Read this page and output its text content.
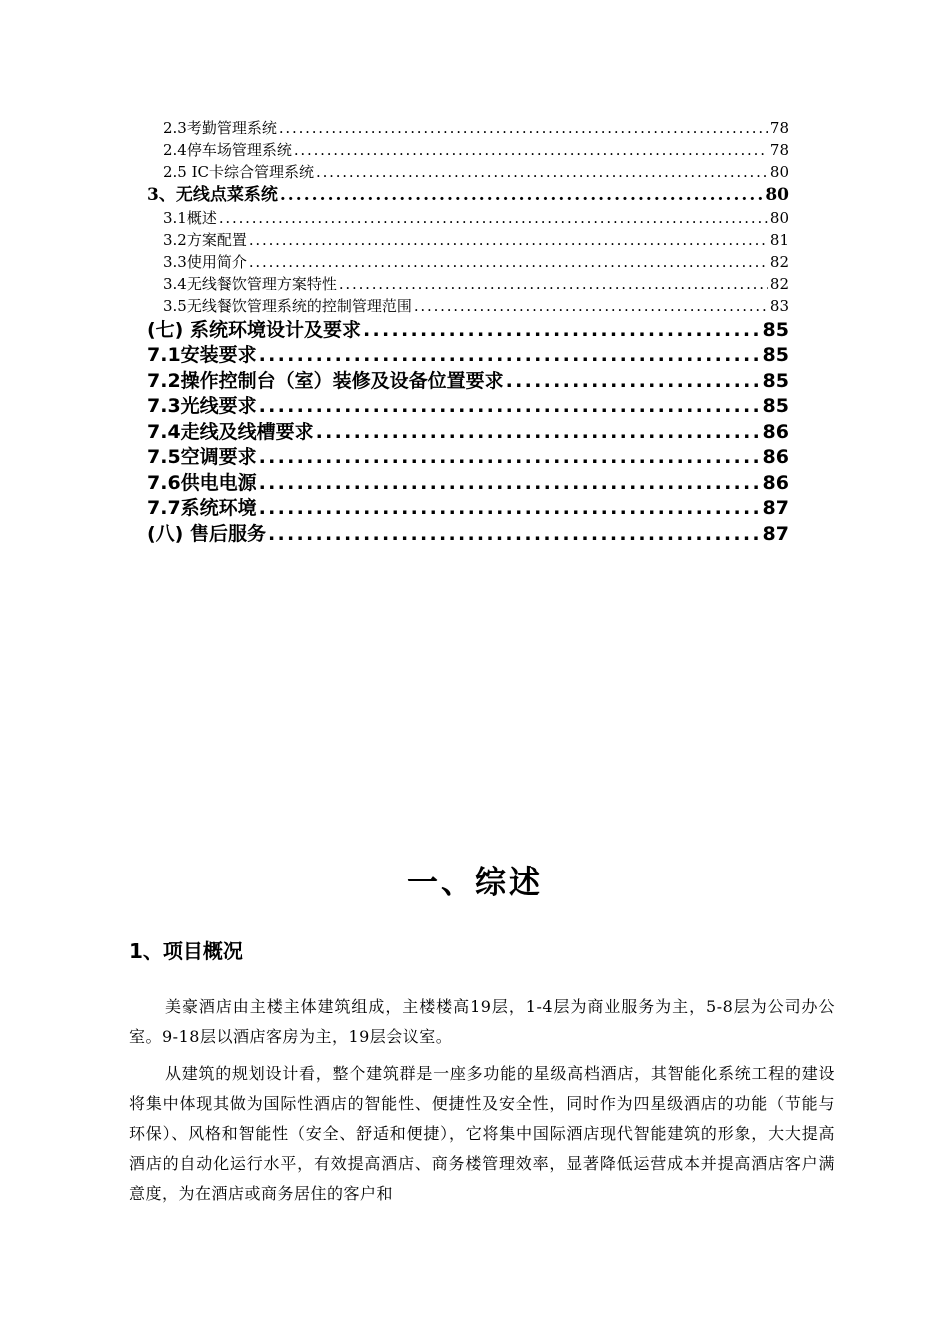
2.3考勤管理系统 .....	78
2.4停车场管理系统 .....	78
2.5 IC卡综合管理系统 .....	80
3、无线点菜系统 .....	80
3.1概述 .....	80
3.2方案配置 .....	81
3.3使用简介 .....	82
3.4无线餐饮管理方案特性 .....	82
3.5无线餐饮管理系统的控制管理范围 .....	83
(七) 系统环境设计及要求 .....	85
7.1安装要求 .....	85
7.2操作控制台（室）装修及设备位置要求 .....	85
7.3光线要求 .....	85
7.4走线及线槽要求 .....	86
7.5空调要求 .....	86
7.6供电电源 .....	86
7.7系统环境 .....	87
(八) 售后服务 .....	87
一、综述
1、项目概况

美豪酒店由主楼主体建筑组成，主楼楼高19层，1-4层为商业服务为主，5-8层为公司办公室。9-18层以酒店客房为主，19层会议室。

从建筑的规划设计看，整个建筑群是一座多功能的星级高档酒店，其智能化系统工程的建设将集中体现其做为国际性酒店的智能性、便捷性及安全性，同时作为四星级酒店的功能（节能与环保）、风格和智能性（安全、舒适和便捷），它将集中国际酒店现代智能建筑的形象，大大提高酒店的自动化运行水平，有效提高酒店、商务楼管理效率，显著降低运营成本并提高酒店客户满意度，为在酒店或商务居住的客户和
